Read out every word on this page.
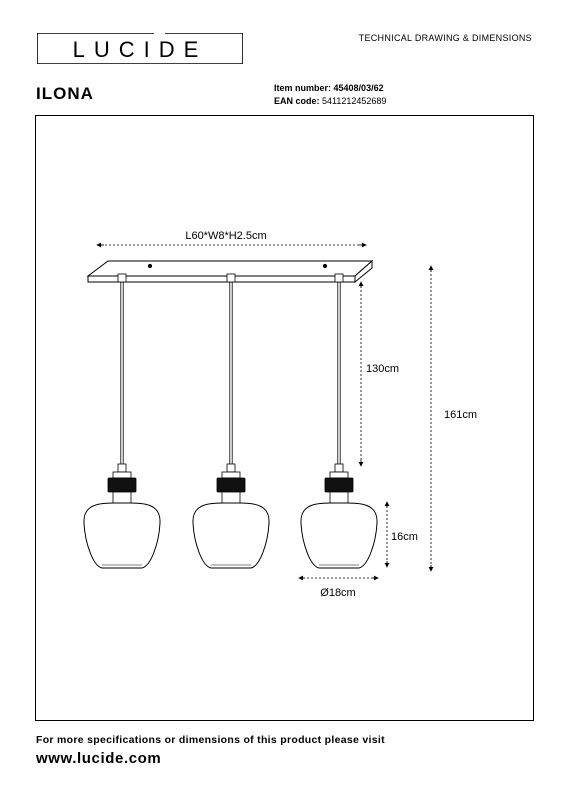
LUCIDE	TECHNICAL DRAWING & DIMENSIONS
ILONA	Item number: 45408/03/62
EAN code: 5411212452689
L60*W8*H2.5cm
130cm
161cm
16cm
Ø18cm
For more specifications or dimensions of this product please visit
www.lucide.com
